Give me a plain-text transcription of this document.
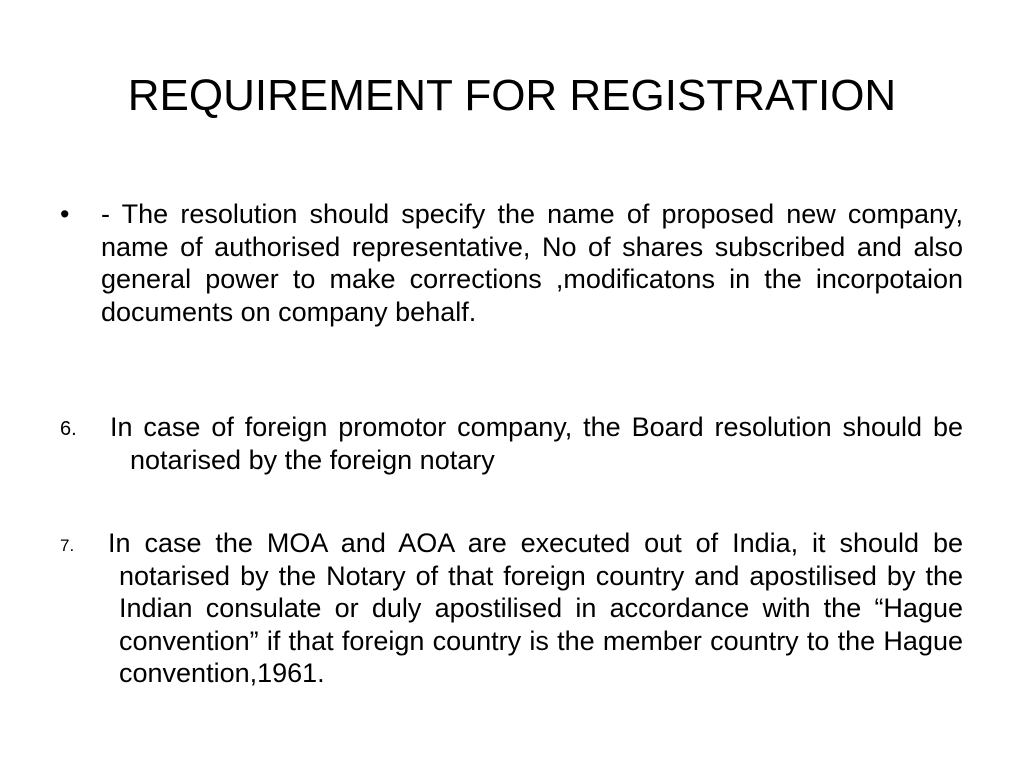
REQUIREMENT FOR REGISTRATION
• - The resolution should specify the name of proposed new company, name of authorised representative, No of shares subscribed and also general power to make corrections ,modificatons in the incorpotaion documents on company behalf.

6. In case of foreign promotor company, the Board resolution should be notarised by the foreign notary

7. In case the MOA and AOA are executed out of India, it should be notarised by the Notary of that foreign country and apostilised by the Indian consulate or duly apostilised in accordance with the “Hague convention” if that foreign country is the member country to the Hague convention,1961.
